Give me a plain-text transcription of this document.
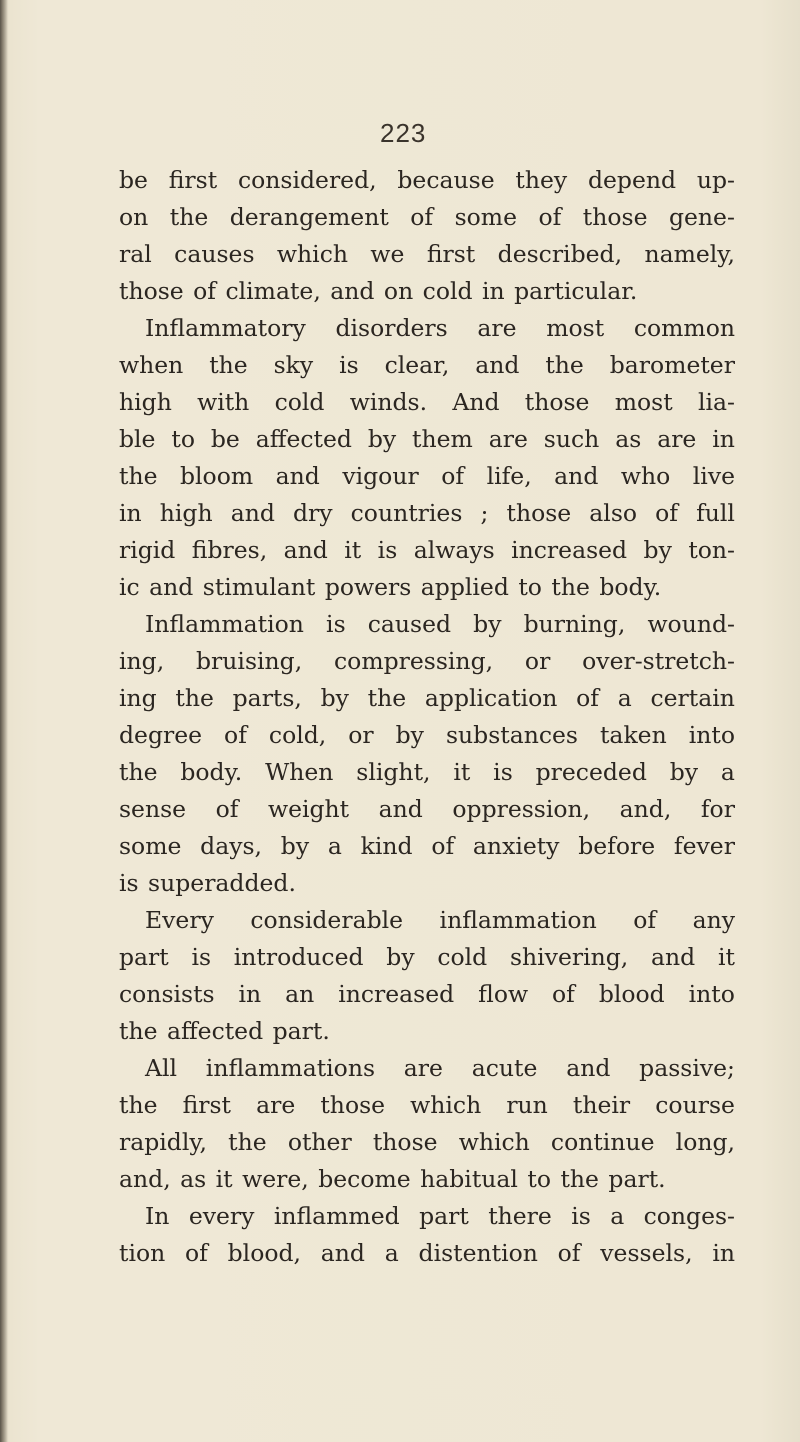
223
be first considered, because they depend up-
on the derangement of some of those gene-
ral causes which we first described, namely,
those of climate, and on cold in particular.
Inflammatory disorders are most common
when the sky is clear, and the barometer
high with cold winds. And those most lia-
ble to be affected by them are such as are in
the bloom and vigour of life, and who live
in high and dry countries ; those also of full
rigid fibres, and it is always increased by ton-
ic and stimulant powers applied to the body.
Inflammation is caused by burning, wound-
ing, bruising, compressing, or over-stretch-
ing the parts, by the application of a certain
degree of cold, or by substances taken into
the body. When slight, it is preceded by a
sense of weight and oppression, and, for
some days, by a kind of anxiety before fever
is superadded.
Every considerable inflammation of any
part is introduced by cold shivering, and it
consists in an increased flow of blood into
the affected part.
All inflammations are acute and passive;
the first are those which run their course
rapidly, the other those which continue long,
and, as it were, become habitual to the part.
In every inflammed part there is a conges-
tion of blood, and a distention of vessels, in
